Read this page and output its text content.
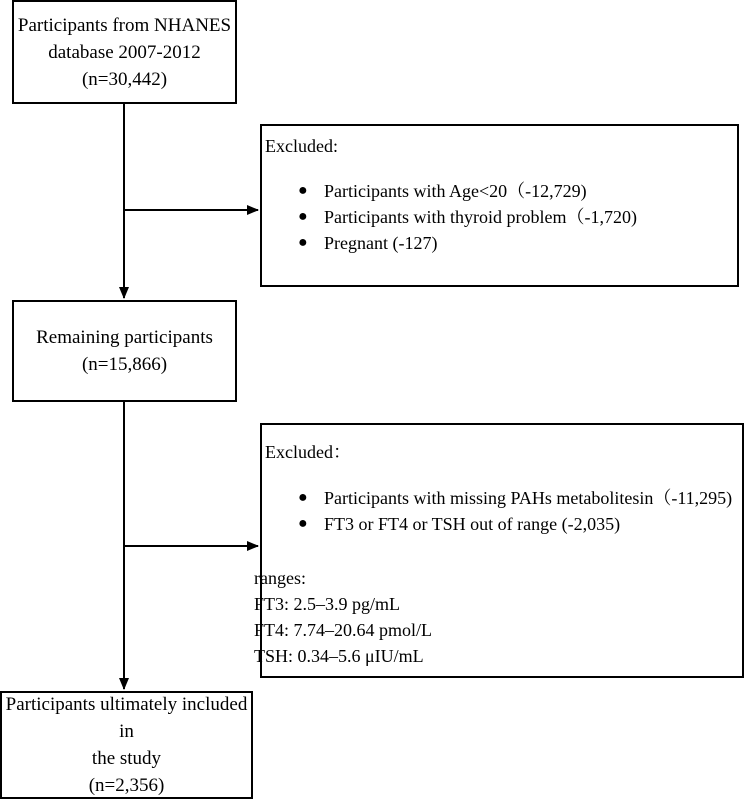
Participants from NHANES
database 2007-2012
(n=30,442)
Excluded:
● Participants with Age<20（-12,729)
● Participants with thyroid problem（-1,720)
● Pregnant (-127)
Remaining participants
(n=15,866)
Excluded：
● Participants with missing PAHs metabolitesin（-11,295)
● FT3 or FT4 or TSH out of range (-2,035)
ranges:
FT3: 2.5–3.9 pg/mL
FT4: 7.74–20.64 pmol/L
TSH: 0.34–5.6 μIU/mL
Participants ultimately included in
the study
(n=2,356)
